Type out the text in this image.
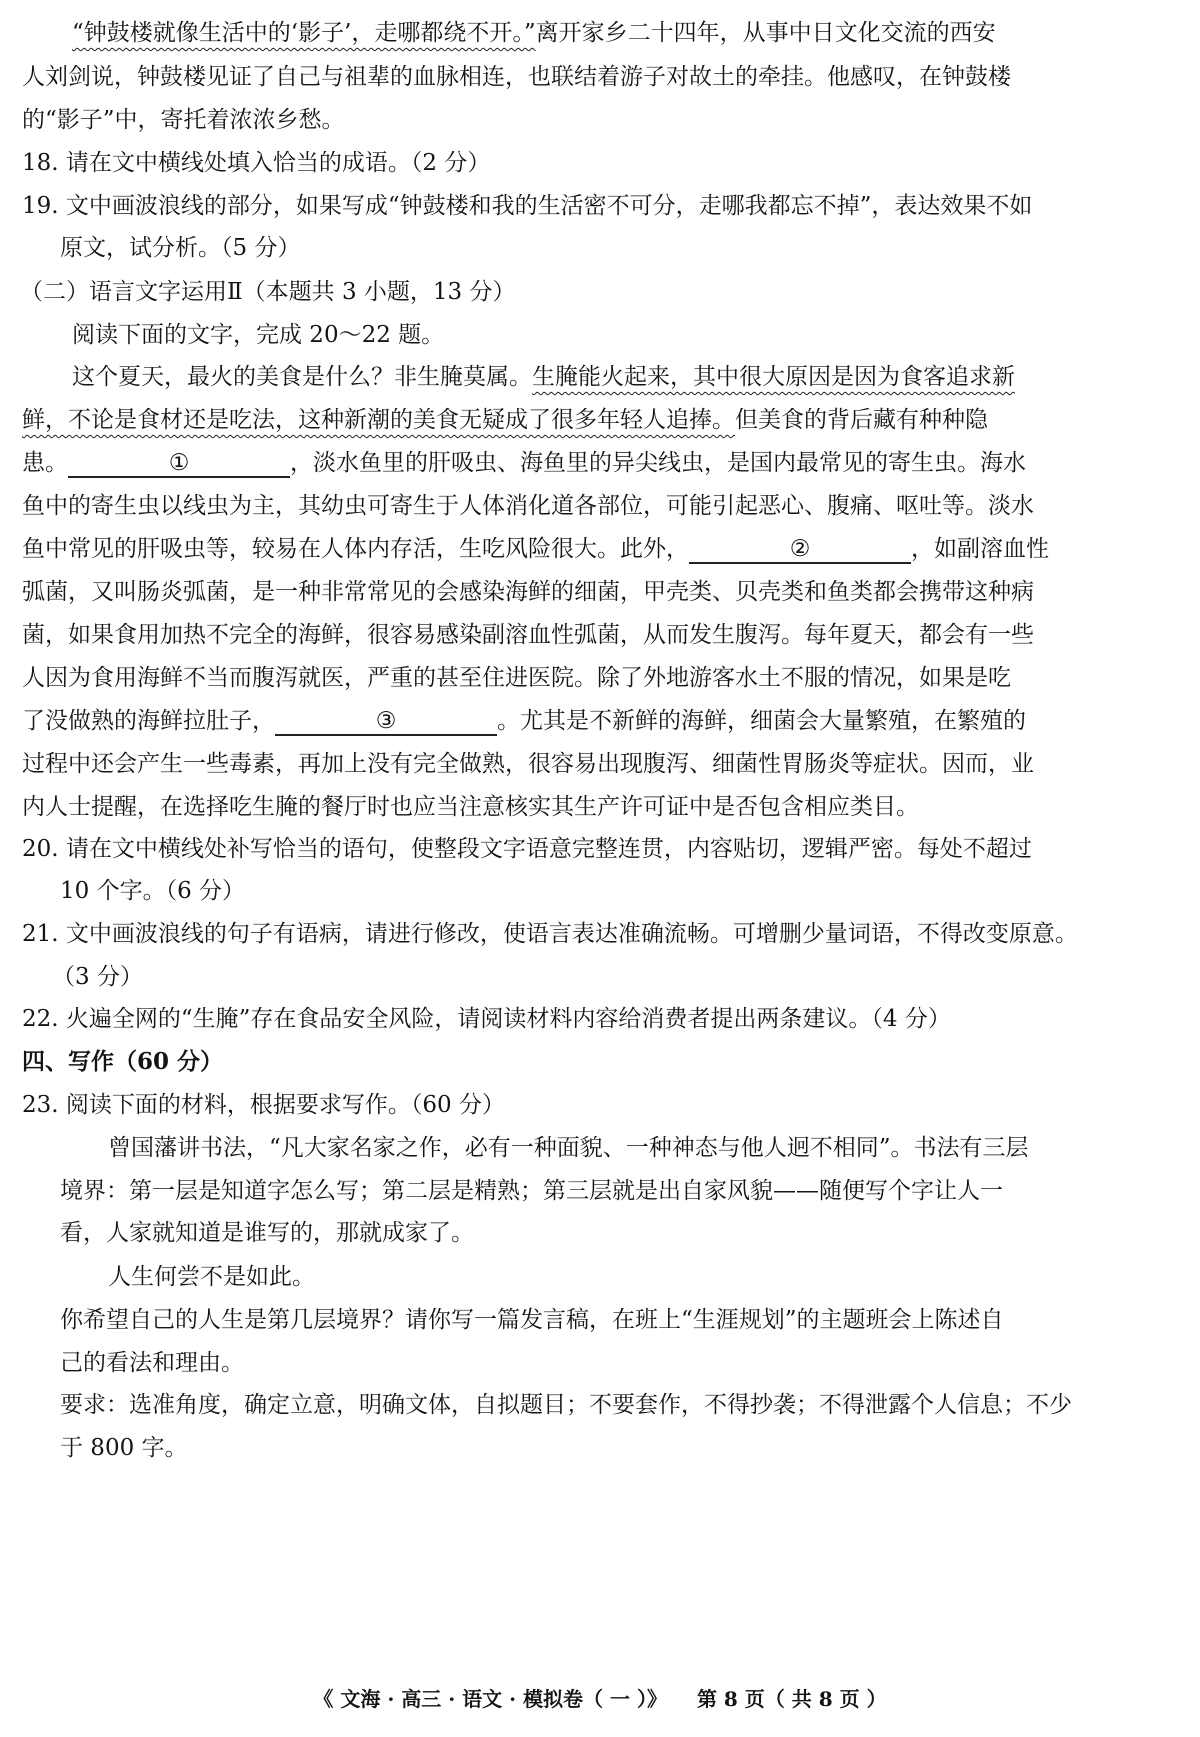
“钟鼓楼就像生活中的‘影子’，走哪都绕不开。”离开家乡二十四年，从事中日文化交流的西安
人刘剑说，钟鼓楼见证了自己与祖辈的血脉相连，也联结着游子对故土的牵挂。他感叹，在钟鼓楼
的“影子”中，寄托着浓浓乡愁。
18. 请在文中横线处填入恰当的成语。（2 分）
19. 文中画波浪线的部分，如果写成“钟鼓楼和我的生活密不可分，走哪我都忘不掉”，表达效果不如
原文，试分析。（5 分）
（二）语言文字运用Ⅱ（本题共 3 小题，13 分）
阅读下面的文字，完成 20～22 题。
这个夏天，最火的美食是什么？非生腌莫属。生腌能火起来，其中很大原因是因为食客追求新
鲜，不论是食材还是吃法，这种新潮的美食无疑成了很多年轻人追捧。但美食的背后藏有种种隐
患。	①	，淡水鱼里的肝吸虫、海鱼里的异尖线虫，是国内最常见的寄生虫。海水
鱼中的寄生虫以线虫为主，其幼虫可寄生于人体消化道各部位，可能引起恶心、腹痛、呕吐等。淡水
鱼中常见的肝吸虫等，较易在人体内存活，生吃风险很大。此外，	②	，如副溶血性
弧菌，又叫肠炎弧菌，是一种非常常见的会感染海鲜的细菌，甲壳类、贝壳类和鱼类都会携带这种病
菌，如果食用加热不完全的海鲜，很容易感染副溶血性弧菌，从而发生腹泻。每年夏天，都会有一些
人因为食用海鲜不当而腹泻就医，严重的甚至住进医院。除了外地游客水土不服的情况，如果是吃
了没做熟的海鲜拉肚子，	③	。尤其是不新鲜的海鲜，细菌会大量繁殖，在繁殖的
过程中还会产生一些毒素，再加上没有完全做熟，很容易出现腹泻、细菌性胃肠炎等症状。因而，业
内人士提醒，在选择吃生腌的餐厅时也应当注意核实其生产许可证中是否包含相应类目。
20. 请在文中横线处补写恰当的语句，使整段文字语意完整连贯，内容贴切，逻辑严密。每处不超过
10 个字。（6 分）
21. 文中画波浪线的句子有语病，请进行修改，使语言表达准确流畅。可增删少量词语，不得改变原意。
（3 分）
22. 火遍全网的“生腌”存在食品安全风险，请阅读材料内容给消费者提出两条建议。（4 分）
四、写作（60 分）
23. 阅读下面的材料，根据要求写作。（60 分）
曾国藩讲书法，“凡大家名家之作，必有一种面貌、一种神态与他人迥不相同”。书法有三层
境界：第一层是知道字怎么写；第二层是精熟；第三层就是出自家风貌——随便写个字让人一
看，人家就知道是谁写的，那就成家了。
人生何尝不是如此。
你希望自己的人生是第几层境界？请你写一篇发言稿，在班上“生涯规划”的主题班会上陈述自
己的看法和理由。
要求：选准角度，确定立意，明确文体，自拟题目；不要套作，不得抄袭；不得泄露个人信息；不少
于 800 字。
《 文海 · 高三 · 语文 · 模拟卷（ 一 ）》 第 8 页（ 共 8 页 ）
